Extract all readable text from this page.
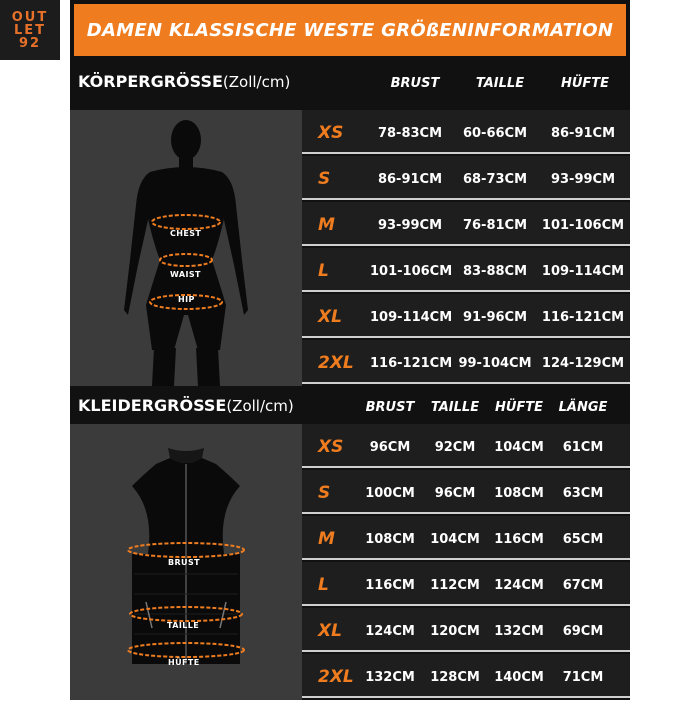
OUT
LET
92
DAMEN KLASSISCHE WESTE GRÖßENINFORMATION
KÖRPERGRÖSSE(Zoll/cm)	BRUST	TAILLE	HÜFTE
CHEST
WAIST
HIP
XS	78-83CM	60-66CM	86-91CM
S	86-91CM	68-73CM	93-99CM
M	93-99CM	76-81CM	101-106CM
L	101-106CM 83-88CM	109-114CM
XL 109-114CM 91-96CM	116-121CM
2XL 116-121CM 99-104CM 124-129CM
KLEIDERGRÖSSE(Zoll/cm)	BRUST	TAILLE	HÜFTE	LÄNGE
BRUST
TAILLE
HÜFTE
XS	96CM	92CM	104CM	61CM
S	100CM	96CM	108CM	63CM
M	108CM	104CM	116CM	65CM
L	116CM	112CM	124CM	67CM
XL	124CM	120CM	132CM	69CM
2XL 132CM	128CM	140CM	71CM
